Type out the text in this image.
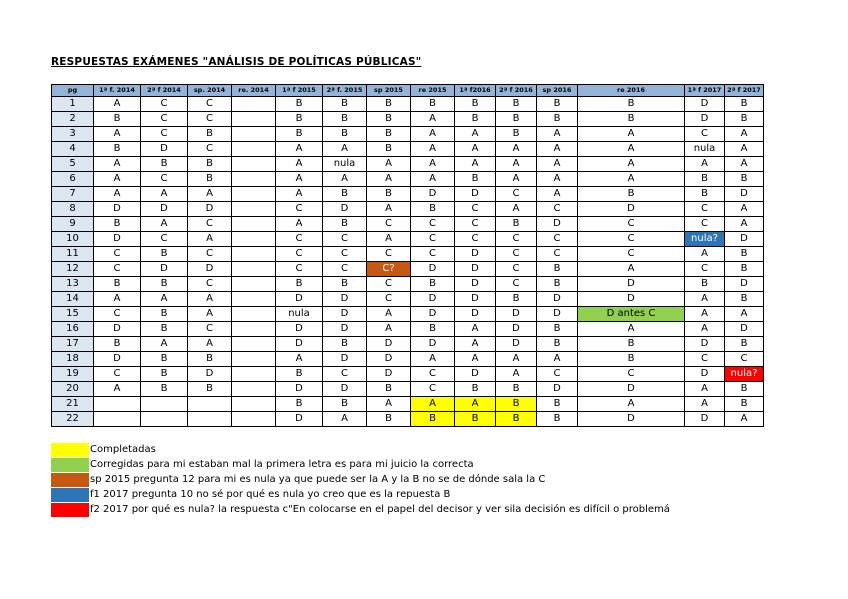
RESPUESTAS EXÁMENES "ANÁLISIS DE POLÍTICAS PÚBLICAS"
pg	1ª f. 2014	2ª f 2014	sp. 2014	re. 2014	1ª f 2015	2ª f. 2015	sp 2015	re 2015	1ª f2016	2ª f 2016	sp 2016	re 2016	1ª f 2017	2ª f 2017
1	A	C	C		B	B	B	B	B	B	B	B	D	B
2	B	C	C		B	B	B	A	B	B	B	B	D	B
3	A	C	B		B	B	B	A	A	B	A	A	C	A
4	B	D	C		A	A	B	A	A	A	A	A	nula	A
5	A	B	B		A	nula	A	A	A	A	A	A	A	A
6	A	C	B		A	A	A	A	B	A	A	A	B	B
7	A	A	A		A	B	B	D	D	C	A	B	B	D
8	D	D	D		C	D	A	B	C	A	C	D	C	A
9	B	A	C		A	B	C	C	C	B	D	C	C	A
10	D	C	A		C	C	A	C	C	C	C	C	nula?	D
11	C	B	C		C	C	C	C	D	C	C	C	A	B
12	C	D	D		C	C	C?	D	D	C	B	A	C	B
13	B	B	C		B	B	C	B	D	C	B	D	B	D
14	A	A	A		D	D	C	D	D	B	D	D	A	B
15	C	B	A		nula	D	A	D	D	D	D	D antes C	A	A
16	D	B	C		D	D	A	B	A	D	B	A	A	D
17	B	A	A		D	B	D	D	A	D	B	B	D	B
18	D	B	B		A	D	D	A	A	A	A	B	C	C
19	C	B	D		B	C	D	C	D	A	C	C	D	nula?
20	A	B	B		D	D	B	C	B	B	D	D	A	B
21					B	B	A	A	A	B	B	A	A	B
22					D	A	B	B	B	B	B	D	D	A
Completadas
Corregidas para mi estaban mal la primera letra es para mi juicio la correcta
sp 2015 pregunta 12 para mi es nula ya que puede ser la A y la B no se de dónde sala la C
f1 2017 pregunta 10 no sé por qué es nula yo creo que es la repuesta B
f2 2017 por qué es nula? la respuesta c"En colocarse en el papel del decisor y ver sila decisión es difícil o problemá
